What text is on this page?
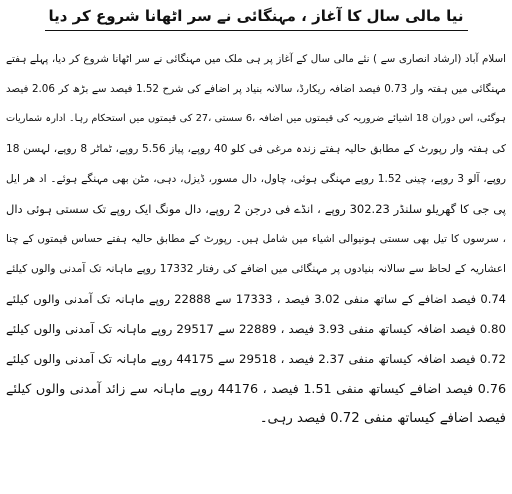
نیا مالی سال کا آغاز ، مہنگائی نے سر اٹھانا شروع کر دیا
اسلام آباد (ارشاد انصاری سے ) نئے مالی سال کے آغاز پر ہی ملک میں مہنگائی نے سر اٹھانا شروع کر دیا، پہلے ہفتے
مہنگائی میں ہفتہ وار 0.73 فیصد اضافہ ریکارڈ، سالانہ بنیاد پر اضافے کی شرح 1.52 فیصد سے بڑھ کر 2.06 فیصد
ہوگئی، اس دوران 18 اشیائے ضروریہ کی قیمتوں میں اضافہ ،6 سستی ،27 کی قیمتوں میں استحکام رہا۔ ادارہ شماریات
کی ہفتہ وار رپورٹ کے مطابق حالیہ ہفتے زندہ مرغی فی کلو 40 روپے، پیاز 5.56 روپے، ٹماٹر 8 روپے، لہسن 18
روپے، آلو 3 روپے، چینی 1.52 روپے مہنگی ہوئی، چاول، دال مسور، ڈیزل، دہی، مٹن بھی مہنگے ہوئے۔ اد ھر ایل
پی جی کا گھریلو سلنڈر 302.23 روپے ، انڈے فی درجن 2 روپے، دال مونگ ایک روپے تک سستی ہوئی دال
، سرسوں کا تیل بھی سستی ہونیوالی اشیاء میں شامل ہیں۔ رپورٹ کے مطابق حالیہ ہفتے حساس قیمتوں کے چنا
اعشاریہ کے لحاظ سے سالانہ بنیادوں پر مہنگائی میں اضافے کی رفتار 17332 روپے ماہانہ تک آمدنی والوں کیلئے
0.74 فیصد اضافے کے ساتھ منفی 3.02 فیصد ، 17333 سے 22888 روپے ماہانہ تک آمدنی والوں کیلئے
0.80 فیصد اضافہ کیساتھ منفی 3.93 فیصد ، 22889 سے 29517 روپے ماہانہ تک آمدنی والوں کیلئے
0.72 فیصد اضافہ کیساتھ منفی 2.37 فیصد ، 29518 سے 44175 روپے ماہانہ تک آمدنی والوں کیلئے
0.76 فیصد اضافے کیساتھ منفی 1.51 فیصد ، 44176 روپے ماہانہ سے زائد آمدنی والوں کیلئے
فیصد اضافے کیساتھ منفی 0.72 فیصد رہی۔
